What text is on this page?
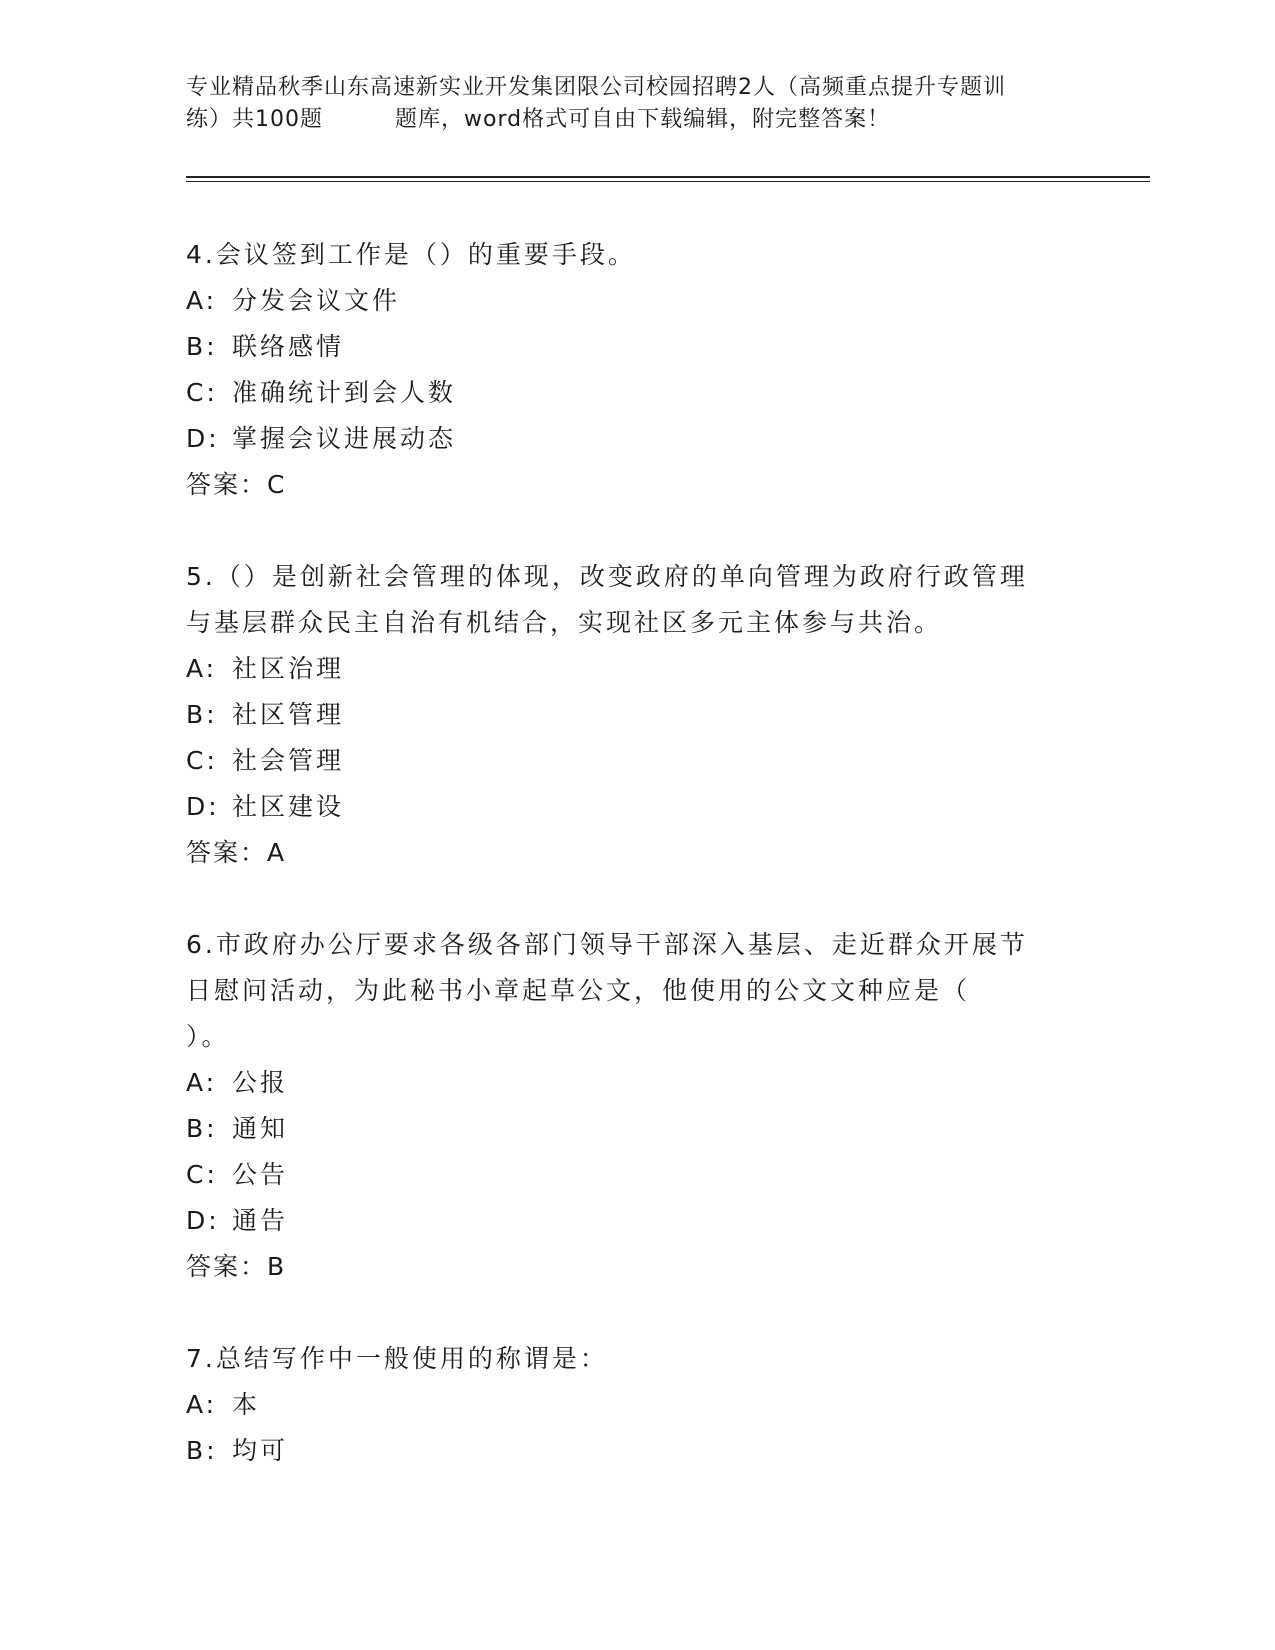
专业精品秋季山东高速新实业开发集团限公司校园招聘2人（高频重点提升专题训
练）共100题	题库，word格式可自由下载编辑，附完整答案！
4.会议签到工作是（）的重要手段。
A: 分发会议文件
B: 联络感情
C: 准确统计到会人数
D: 掌握会议进展动态
答案：C
5.（）是创新社会管理的体现，改变政府的单向管理为政府行政管理
与基层群众民主自治有机结合，实现社区多元主体参与共治。
A: 社区治理
B: 社区管理
C: 社会管理
D: 社区建设
答案：A
6.市政府办公厅要求各级各部门领导干部深入基层、走近群众开展节
日慰问活动，为此秘书小章起草公文，他使用的公文文种应是（
）。
A: 公报
B: 通知
C: 公告
D: 通告
答案：B
7.总结写作中一般使用的称谓是：
A: 本
B: 均可
